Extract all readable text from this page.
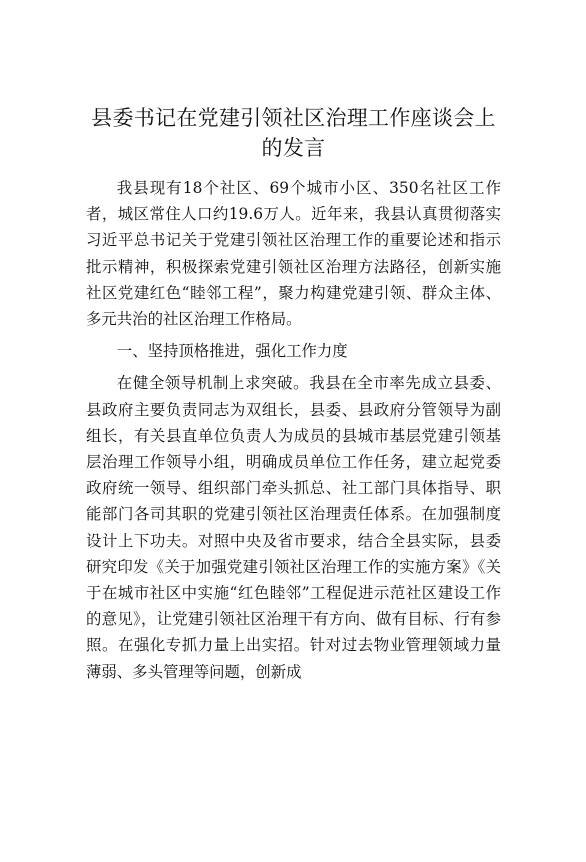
县委书记在党建引领社区治理工作座谈会上的发言

我县现有18个社区、69个城市小区、350名社区工作者，城区常住人口约19.6万人。近年来，我县认真贯彻落实习近平总书记关于党建引领社区治理工作的重要论述和指示批示精神，积极探索党建引领社区治理方法路径，创新实施社区党建红色“睦邻工程”，聚力构建党建引领、群众主体、多元共治的社区治理工作格局。

一、坚持顶格推进，强化工作力度

在健全领导机制上求突破。我县在全市率先成立县委、县政府主要负责同志为双组长，县委、县政府分管领导为副组长，有关县直单位负责人为成员的县城市基层党建引领基层治理工作领导小组，明确成员单位工作任务，建立起党委政府统一领导、组织部门牵头抓总、社工部门具体指导、职能部门各司其职的党建引领社区治理责任体系。在加强制度设计上下功夫。对照中央及省市要求，结合全县实际，县委研究印发《关于加强党建引领社区治理工作的实施方案》《关于在城市社区中实施“红色睦邻”工程促进示范社区建设工作的意见》，让党建引领社区治理干有方向、做有目标、行有参照。在强化专抓力量上出实招。针对过去物业管理领域力量薄弱、多头管理等问题，创新成
